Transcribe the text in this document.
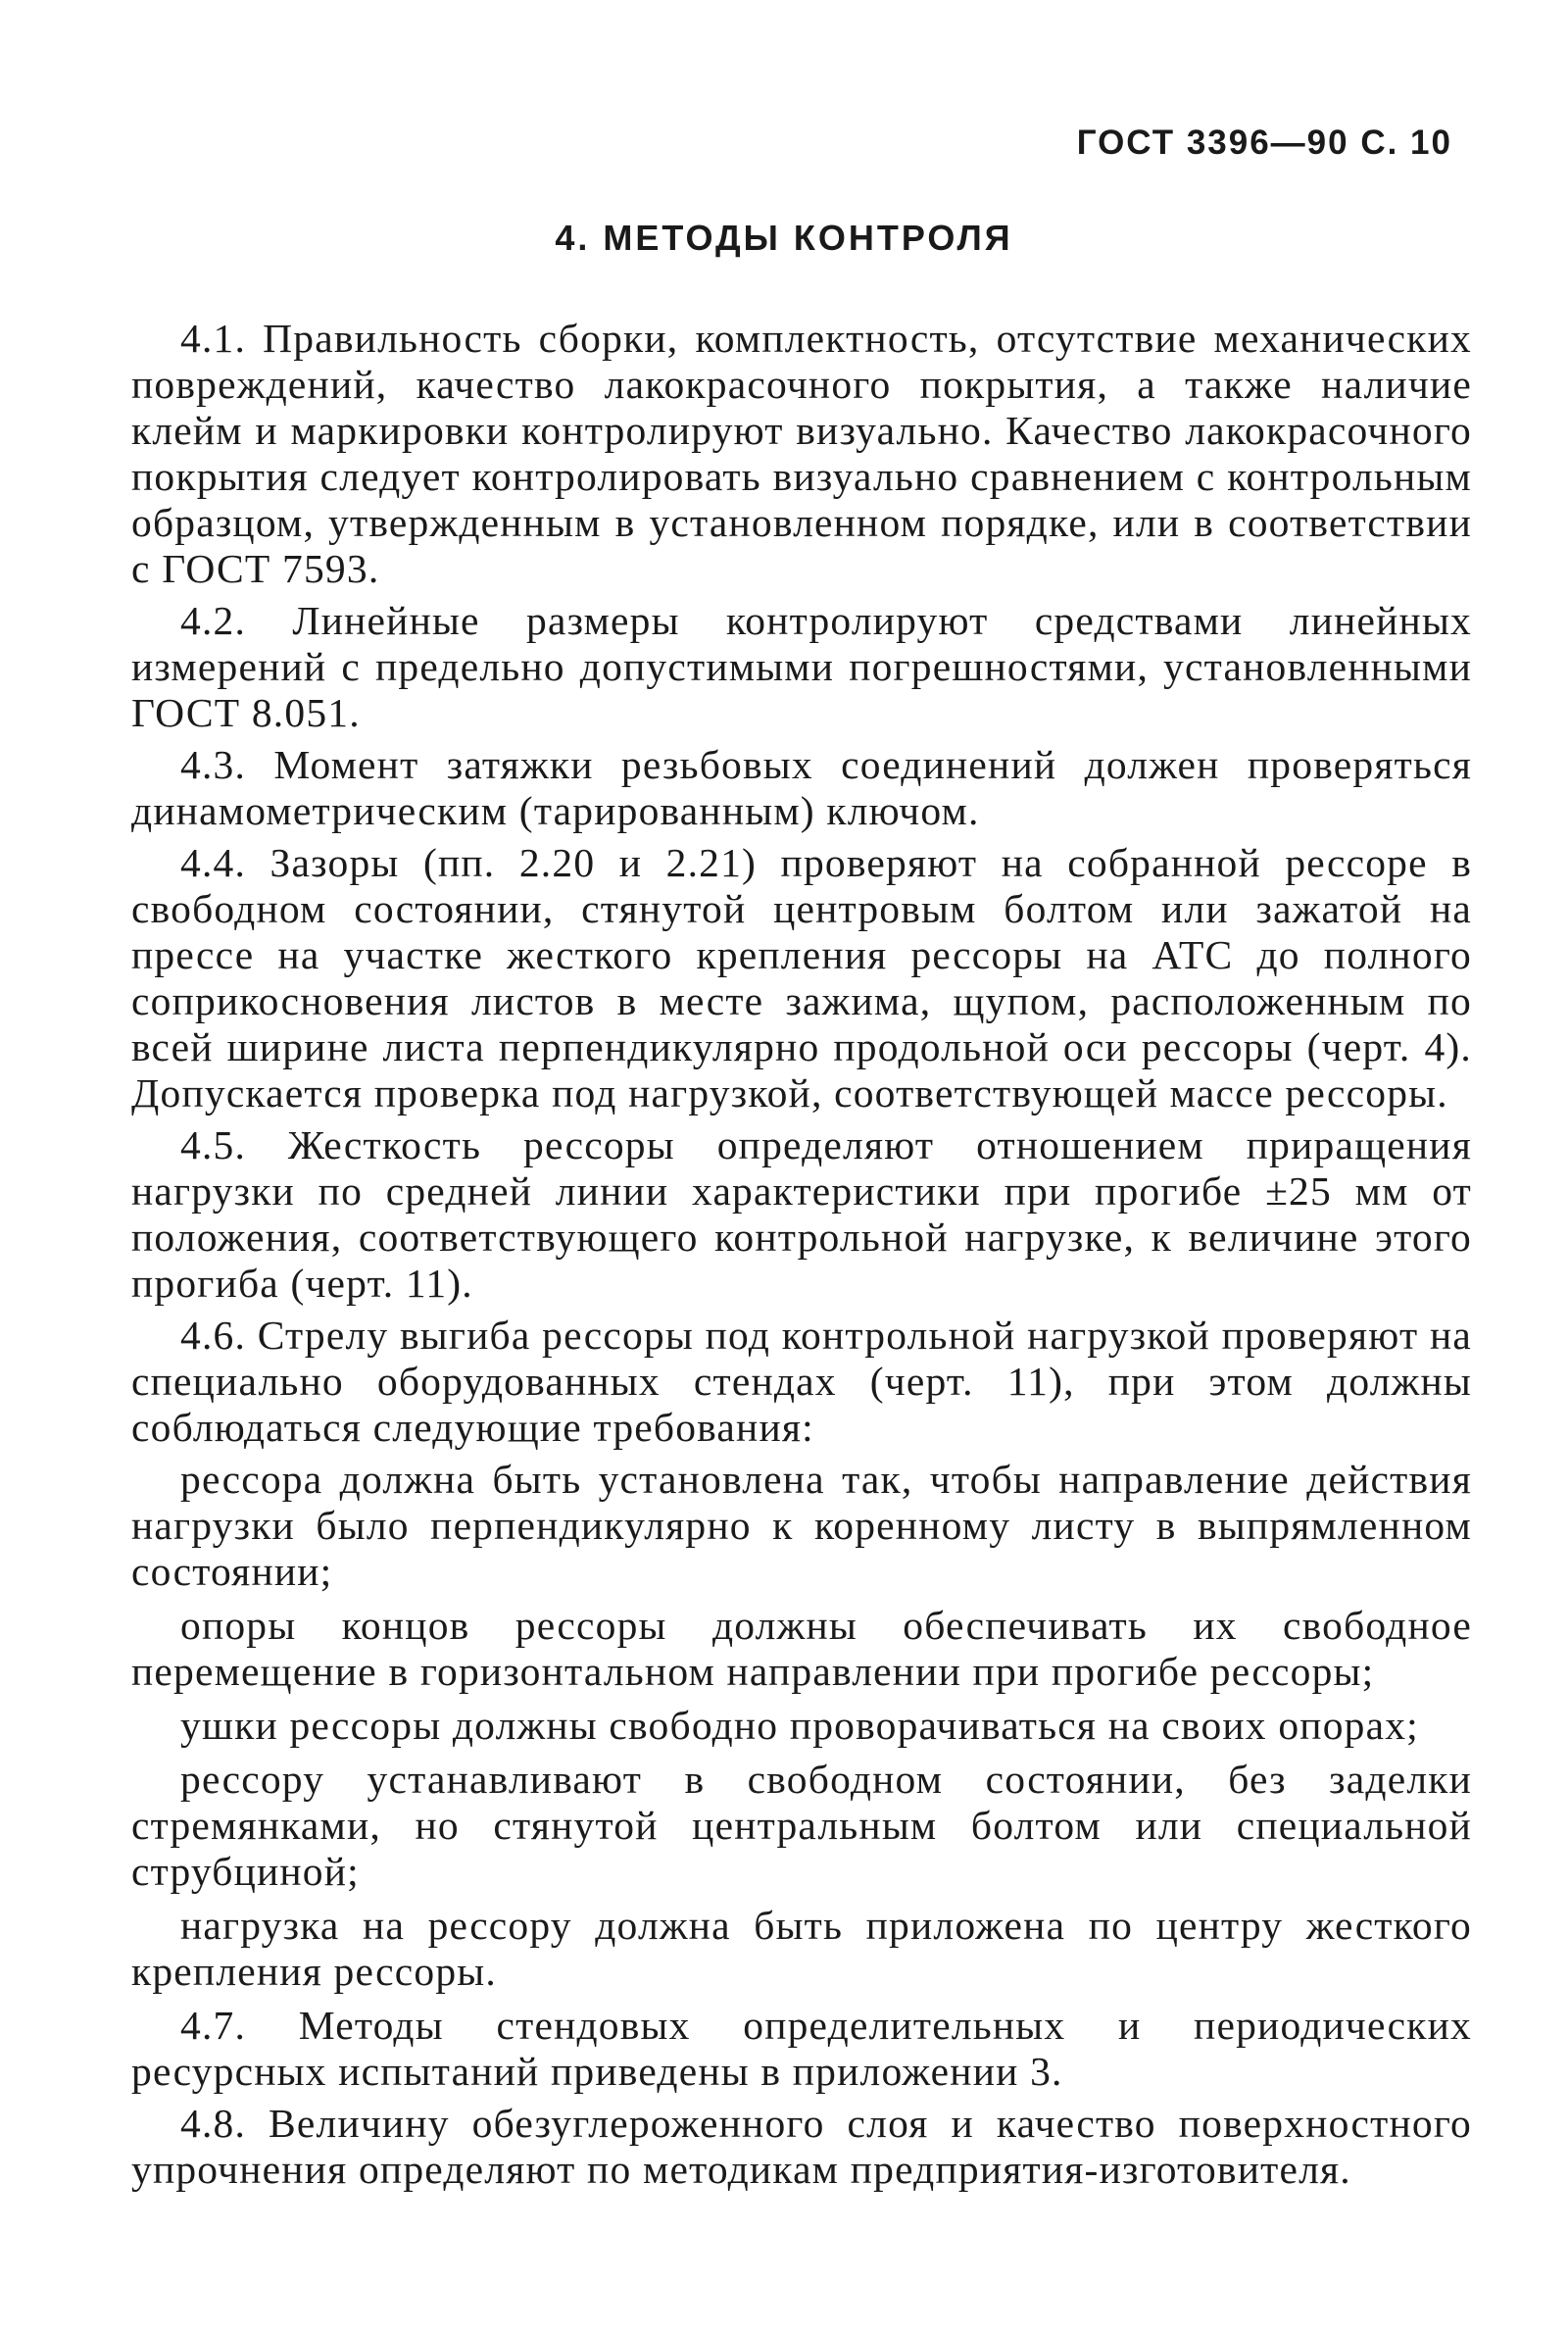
ГОСТ 3396—90 С. 10
4. МЕТОДЫ КОНТРОЛЯ

4.1. Правильность сборки, комплектность, отсутствие механических повреждений, качество лакокрасочного покрытия, а также наличие клейм и маркировки контролируют визуально. Качество лакокрасочного покрытия следует контролировать визуально сравнением с контрольным образцом, утвержденным в установленном порядке, или в соответствии с ГОСТ 7593.

4.2. Линейные размеры контролируют средствами линейных измерений с предельно допустимыми погрешностями, установленными ГОСТ 8.051.

4.3. Момент затяжки резьбовых соединений должен проверяться динамометрическим (тарированным) ключом.

4.4. Зазоры (пп. 2.20 и 2.21) проверяют на собранной рессоре в свободном состоянии, стянутой центровым болтом или зажатой на прессе на участке жесткого крепления рессоры на АТС до полного соприкосновения листов в месте зажима, щупом, расположенным по всей ширине листа перпендикулярно продольной оси рессоры (черт. 4). Допускается проверка под нагрузкой, соответствующей массе рессоры.

4.5. Жесткость рессоры определяют отношением приращения нагрузки по средней линии характеристики при прогибе ±25 мм от положения, соответствующего контрольной нагрузке, к величине этого прогиба (черт. 11).

4.6. Стрелу выгиба рессоры под контрольной нагрузкой проверяют на специально оборудованных стендах (черт. 11), при этом должны соблюдаться следующие требования:

рессора должна быть установлена так, чтобы направление действия нагрузки было перпендикулярно к коренному листу в выпрямленном состоянии;

опоры концов рессоры должны обеспечивать их свободное перемещение в горизонтальном направлении при прогибе рессоры;

ушки рессоры должны свободно проворачиваться на своих опорах;

рессору устанавливают в свободном состоянии, без заделки стремянками, но стянутой центральным болтом или специальной струбциной;

нагрузка на рессору должна быть приложена по центру жесткого крепления рессоры.

4.7. Методы стендовых определительных и периодических ресурсных испытаний приведены в приложении 3.

4.8. Величину обезуглероженного слоя и качество поверхностного упрочнения определяют по методикам предприятия-изготовителя.
